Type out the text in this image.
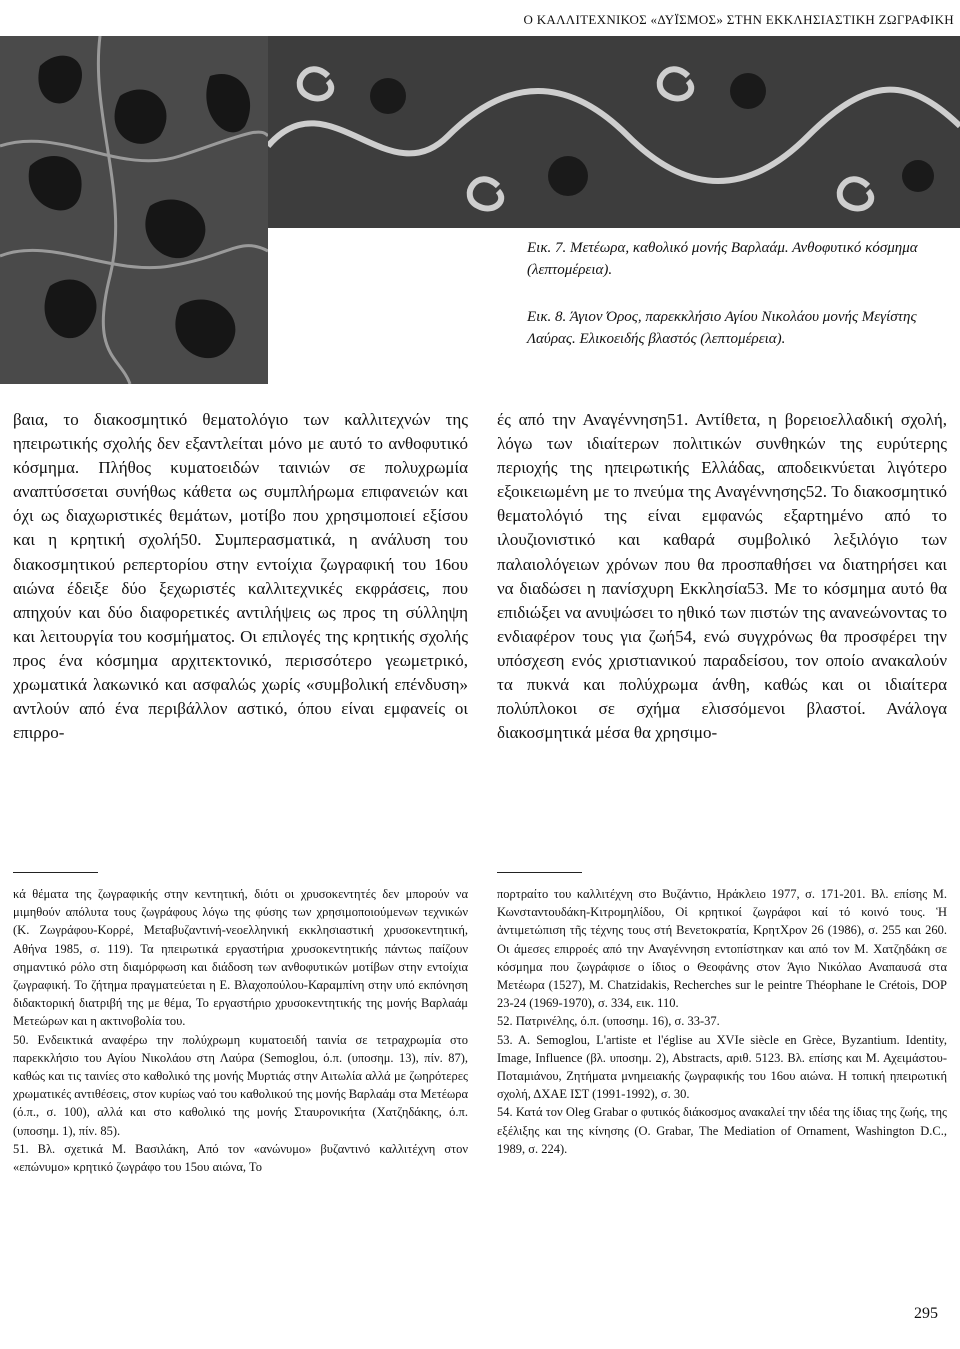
Ο ΚΑΛΛΙΤΕΧΝΙΚΟΣ «ΔΥΪΣΜΟΣ» ΣΤΗΝ ΕΚΚΛΗΣΙΑΣΤΙΚΗ ΖΩΓΡΑΦΙΚΗ
Εικ. 7. Μετέωρα, καθολικό μονής Βαρλαάμ. Ανθοφυτικό κόσμημα (λεπτομέρεια).
Εικ. 8. Άγιον Όρος, παρεκκλήσιο Αγίου Νικολάου μονής Μεγίστης Λαύρας. Ελικοειδής βλαστός (λεπτομέρεια).

βαια, το διακοσμητικό θεματολόγιο των καλλιτεχνών της ηπειρωτικής σχολής δεν εξαντλείται μόνο με αυτό το ανθοφυτικό κόσμημα. Πλήθος κυματοειδών ταινιών σε πολυχρωμία αναπτύσσεται συνήθως κάθετα ως συμπλήρωμα επιφανειών και όχι ως διαχωριστικές θεμάτων, μοτίβο που χρησιμοποιεί εξίσου και η κρητική σχολή50. Συμπερασματικά, η ανάλυση του διακοσμητικού ρεπερτορίου στην εντοίχια ζωγραφική του 16ου αιώνα έδειξε δύο ξεχωριστές καλλιτεχνικές εκφράσεις, που απηχούν και δύο διαφορετικές αντιλήψεις ως προς τη σύλληψη και λειτουργία του κοσμήματος. Οι επιλογές της κρητικής σχολής προς ένα κόσμημα αρχιτεκτονικό, περισσότερο γεωμετρικό, χρωματικά λακωνικό και ασφαλώς χωρίς «συμβολική επένδυση» αντλούν από ένα περιβάλλον αστικό, όπου είναι εμφανείς οι επιρρο-

ές από την Αναγέννηση51. Αντίθετα, η βορειοελλαδική σχολή, λόγω των ιδιαίτερων πολιτικών συνθηκών της ευρύτερης περιοχής της ηπειρωτικής Ελλάδας, αποδεικνύεται λιγότερο εξοικειωμένη με το πνεύμα της Αναγέννησης52. Το διακοσμητικό θεματολόγιό της είναι εμφανώς εξαρτημένο από το ιλουζιονιστικό και καθαρά συμβολικό λεξιλόγιο των παλαιολόγειων χρόνων που θα προσπαθήσει να διατηρήσει και να διαδώσει η πανίσχυρη Εκκλησία53. Με το κόσμημα αυτό θα επιδιώξει να ανυψώσει το ηθικό των πιστών της ανανεώνοντας το ενδιαφέρον τους για ζωή54, ενώ συγχρόνως θα προσφέρει την υπόσχεση ενός χριστιανικού παραδείσου, τον οποίο ανακαλούν τα πυκνά και πολύχρωμα άνθη, καθώς και οι ιδιαίτερα πολύπλοκοι σε σχήμα ελισσόμενοι βλαστοί. Ανάλογα διακοσμητικά μέσα θα χρησιμο-

κά θέματα της ζωγραφικής στην κεντητική, διότι οι χρυσοκεντητές δεν μπορούν να μιμηθούν απόλυτα τους ζωγράφους λόγω της φύσης των χρησιμοποιούμενων τεχνικών (Κ. Ζωγράφου-Κορρέ, Μεταβυζαντινή-νεοελληνική εκκλησιαστική χρυσοκεντητική, Αθήνα 1985, σ. 119). Τα ηπειρωτικά εργαστήρια χρυσοκεντητικής πάντως παίζουν σημαντικό ρόλο στη διαμόρφωση και διάδοση των ανθοφυτικών μοτίβων στην εντοίχια ζωγραφική. Το ζήτημα πραγματεύεται η Ε. Βλαχοπούλου-Καραμπίνη στην υπό εκπόνηση διδακτορική διατριβή της με θέμα, Το εργαστήριο χρυσοκεντητικής της μονής Βαρλαάμ Μετεώρων και η ακτινοβολία του.

50. Ενδεικτικά αναφέρω την πολύχρωμη κυματοειδή ταινία σε τετραχρωμία στο παρεκκλήσιο του Αγίου Νικολάου στη Λαύρα (Semoglou, ό.π. (υποσημ. 13), πίν. 87), καθώς και τις ταινίες στο καθολικό της μονής Μυρτιάς στην Αιτωλία αλλά με ζωηρότερες χρωματικές αντιθέσεις, στον κυρίως ναό του καθολικού της μονής Βαρλαάμ στα Μετέωρα (ό.π., σ. 100), αλλά και στο καθολικό της μονής Σταυρονικήτα (Χατζηδάκης, ό.π. (υποσημ. 1), πίν. 85).

51. Βλ. σχετικά Μ. Βασιλάκη, Από τον «ανώνυμο» βυζαντινό καλλιτέχνη στον «επώνυμο» κρητικό ζωγράφο του 15ου αιώνα, Το

πορτραίτο του καλλιτέχνη στο Βυζάντιο, Ηράκλειο 1977, σ. 171-201. Βλ. επίσης Μ. Κωνσταντουδάκη-Κιτρομηλίδου, Οἱ κρητικοί ζωγράφοι καί τό κοινό τους. Ἡ ἀντιμετώπιση τῆς τέχνης τους στή Βενετοκρατία, ΚρητΧρον 26 (1986), σ. 255 και 260. Οι άμεσες επιρροές από την Αναγέννηση εντοπίστηκαν και από τον Μ. Χατζηδάκη σε κόσμημα που ζωγράφισε ο ίδιος ο Θεοφάνης στον Άγιο Νικόλαο Αναπαυσά στα Μετέωρα (1527), M. Chatzidakis, Recherches sur le peintre Théophane le Crétois, DOP 23-24 (1969-1970), σ. 334, εικ. 110.

52. Πατρινέλης, ό.π. (υποσημ. 16), σ. 33-37.

53. A. Semoglou, L'artiste et l'église au XVIe siècle en Grèce, Byzantium. Identity, Image, Influence (βλ. υποσημ. 2), Abstracts, αριθ. 5123. Βλ. επίσης και Μ. Αχειμάστου-Ποταμιάνου, Ζητήματα μνημειακής ζωγραφικής του 16ου αιώνα. Η τοπική ηπειρωτική σχολή, ΔΧΑΕ ΙΣΤ (1991-1992), σ. 30.

54. Κατά τον Oleg Grabar ο φυτικός διάκοσμος ανακαλεί την ιδέα της ίδιας της ζωής, της εξέλιξης και της κίνησης (O. Grabar, The Mediation of Ornament, Washington D.C., 1989, σ. 224).

295
